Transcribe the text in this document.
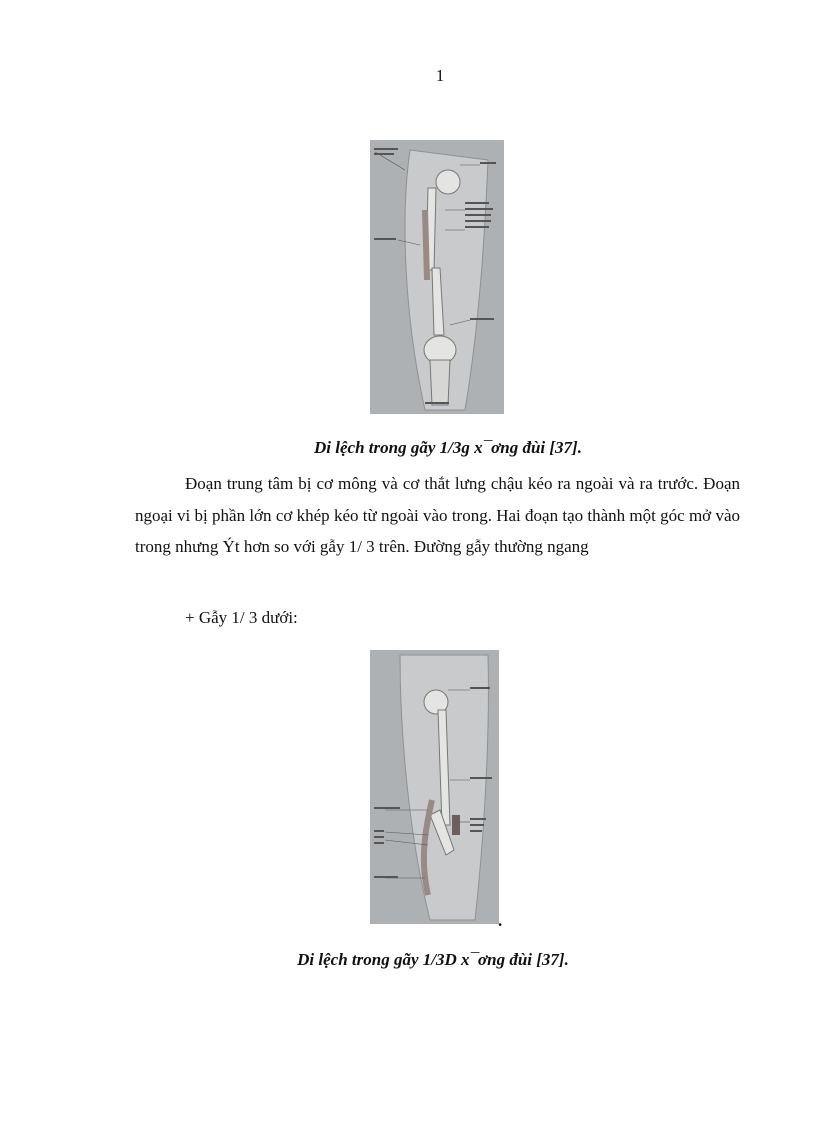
1
Di lệch trong gãy 1/3g x¯ơng đùi [37].
Đoạn trung tâm bị cơ mông và cơ thắt lưng chậu kéo ra ngoài và ra trước. Đoạn ngoại vi bị phần lớn cơ khép kéo từ ngoài vào trong. Hai đoạn tạo thành một góc mở vào trong nhưng Ýt hơn so với gẫy 1/ 3 trên. Đường gẫy thường ngang
+ Gẫy 1/ 3 dưới:
.
Di lệch trong gãy 1/3D x¯ơng đùi [37].
